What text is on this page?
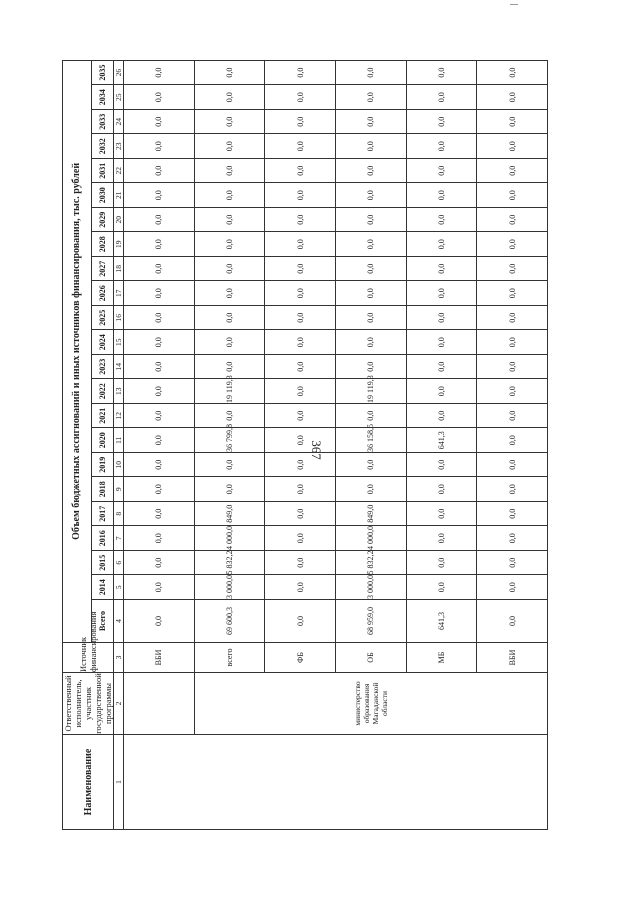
367
Наименование	Ответственный исполнитель, участник государственной программы	Источник финансирования	Объем бюджетных ассигнований и иных источников финансирования, тыс. рублей																						
			Всего	2014	2015	2016	2017	2018	2019	2020	2021	2022	2023	2024	2025	2026	2027	2028	2029	2030	2031	2032	2033	2034	2035
1	2	3	4	5	6	7	8	9	10	11	12	13	14	15	16	17	18	19	20	21	22	23	24	25	26
		ВБИ	0,0	0,0	0,0	0,0	0,0	0,0	0,0	0,0	0,0	0,0	0,0	0,0	0,0	0,0	0,0	0,0	0,0	0,0	0,0	0,0	0,0	0,0	0,0
	министерство образования Магаданской области	всего	69 600,3	3 000,0	5 832,2	4 000,0	849,0	0,0	0,0	36 799,8	0,0	19 119,3	0,0	0,0	0,0	0,0	0,0	0,0	0,0	0,0	0,0	0,0	0,0	0,0	0,0
		ФБ	0,0	0,0	0,0	0,0	0,0	0,0	0,0	0,0	0,0	0,0	0,0	0,0	0,0	0,0	0,0	0,0	0,0	0,0	0,0	0,0	0,0	0,0	0,0
		ОБ	68 959,0	3 000,0	5 832,2	4 000,0	849,0	0,0	0,0	36 158,5	0,0	19 119,3	0,0	0,0	0,0	0,0	0,0	0,0	0,0	0,0	0,0	0,0	0,0	0,0	0,0
		МБ	641,3	0,0	0,0	0,0	0,0	0,0	0,0	641,3	0,0	0,0	0,0	0,0	0,0	0,0	0,0	0,0	0,0	0,0	0,0	0,0	0,0	0,0	0,0
		ВБИ	0,0	0,0	0,0	0,0	0,0	0,0	0,0	0,0	0,0	0,0	0,0	0,0	0,0	0,0	0,0	0,0	0,0	0,0	0,0	0,0	0,0	0,0	0,0
